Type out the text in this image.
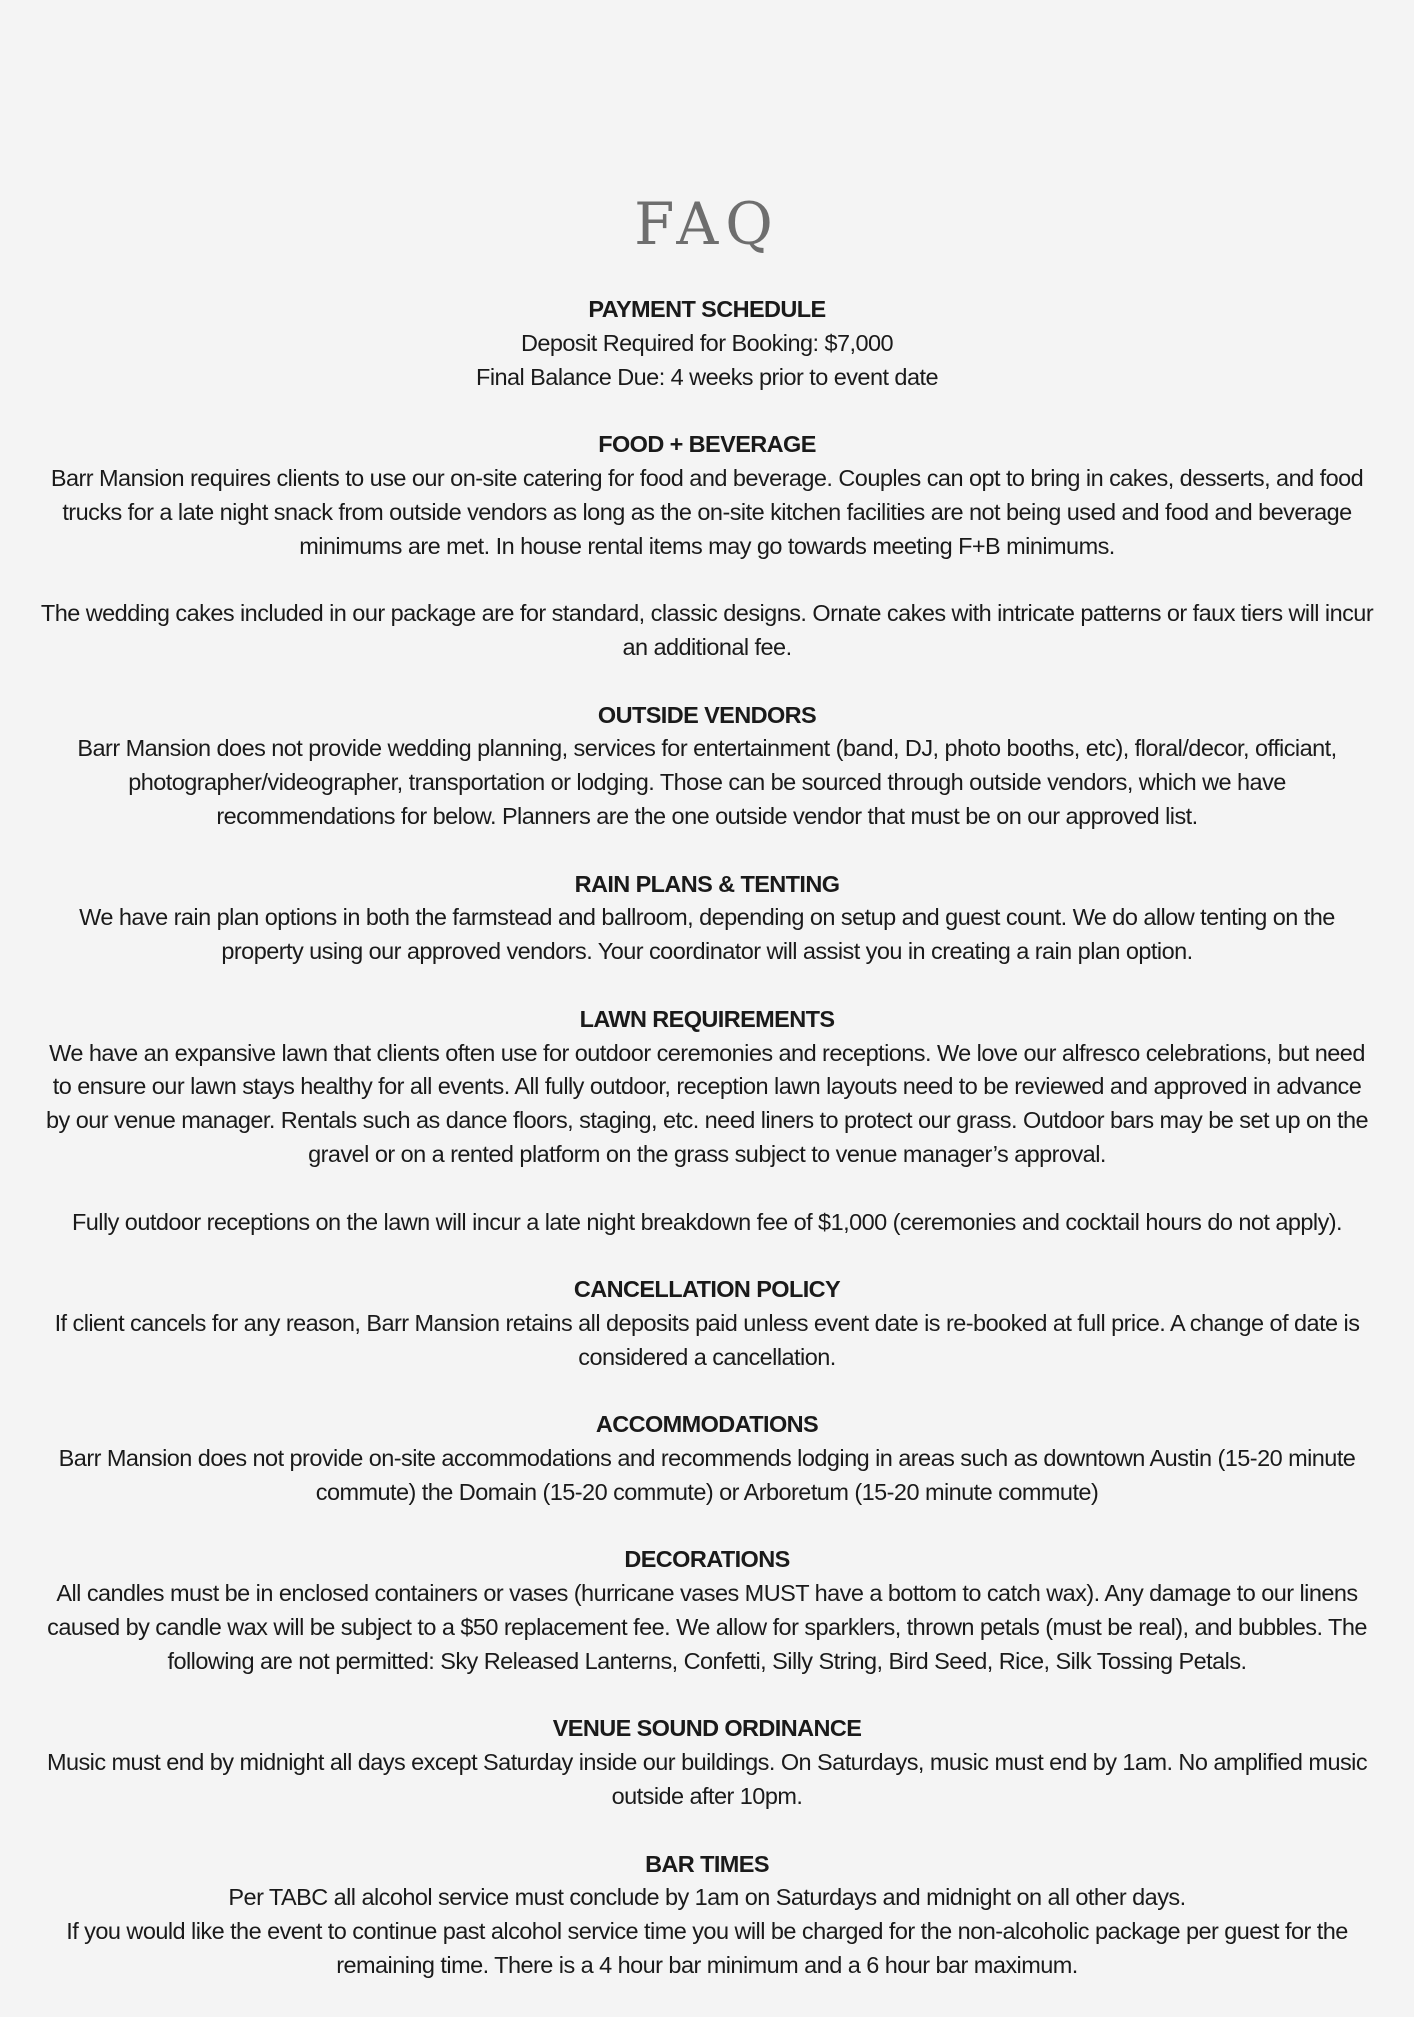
FAQ
PAYMENT SCHEDULE
Deposit Required for Booking: $7,000
Final Balance Due: 4 weeks prior to event date
FOOD + BEVERAGE
Barr Mansion requires clients to use our on-site catering for food and beverage. Couples can opt to bring in cakes, desserts, and food trucks for a late night snack from outside vendors as long as the on-site kitchen facilities are not being used and food and beverage minimums are met. In house rental items may go towards meeting F+B minimums.
The wedding cakes included in our package are for standard, classic designs. Ornate cakes with intricate patterns or faux tiers will incur an additional fee.
OUTSIDE VENDORS
Barr Mansion does not provide wedding planning, services for entertainment (band, DJ, photo booths, etc), floral/decor, officiant, photographer/videographer, transportation or lodging. Those can be sourced through outside vendors, which we have recommendations for below. Planners are the one outside vendor that must be on our approved list.
RAIN PLANS & TENTING
We have rain plan options in both the farmstead and ballroom, depending on setup and guest count. We do allow tenting on the property using our approved vendors. Your coordinator will assist you in creating a rain plan option.
LAWN REQUIREMENTS
We have an expansive lawn that clients often use for outdoor ceremonies and receptions. We love our alfresco celebrations, but need to ensure our lawn stays healthy for all events. All fully outdoor, reception lawn layouts need to be reviewed and approved in advance by our venue manager. Rentals such as dance floors, staging, etc. need liners to protect our grass. Outdoor bars may be set up on the gravel or on a rented platform on the grass subject to venue manager’s approval.
Fully outdoor receptions on the lawn will incur a late night breakdown fee of $1,000 (ceremonies and cocktail hours do not apply).
CANCELLATION POLICY
If client cancels for any reason, Barr Mansion retains all deposits paid unless event date is re-booked at full price. A change of date is considered a cancellation.
ACCOMMODATIONS
Barr Mansion does not provide on-site accommodations and recommends lodging in areas such as downtown Austin (15-20 minute commute) the Domain (15-20 commute) or Arboretum (15-20 minute commute)
DECORATIONS
All candles must be in enclosed containers or vases (hurricane vases MUST have a bottom to catch wax). Any damage to our linens caused by candle wax will be subject to a $50 replacement fee. We allow for sparklers, thrown petals (must be real), and bubbles. The following are not permitted: Sky Released Lanterns, Confetti, Silly String, Bird Seed, Rice, Silk Tossing Petals.
VENUE SOUND ORDINANCE
Music must end by midnight all days except Saturday inside our buildings. On Saturdays, music must end by 1am. No amplified music outside after 10pm.
BAR TIMES
Per TABC all alcohol service must conclude by 1am on Saturdays and midnight on all other days.
If you would like the event to continue past alcohol service time you will be charged for the non-alcoholic package per guest for the remaining time. There is a 4 hour bar minimum and a 6 hour bar maximum.
